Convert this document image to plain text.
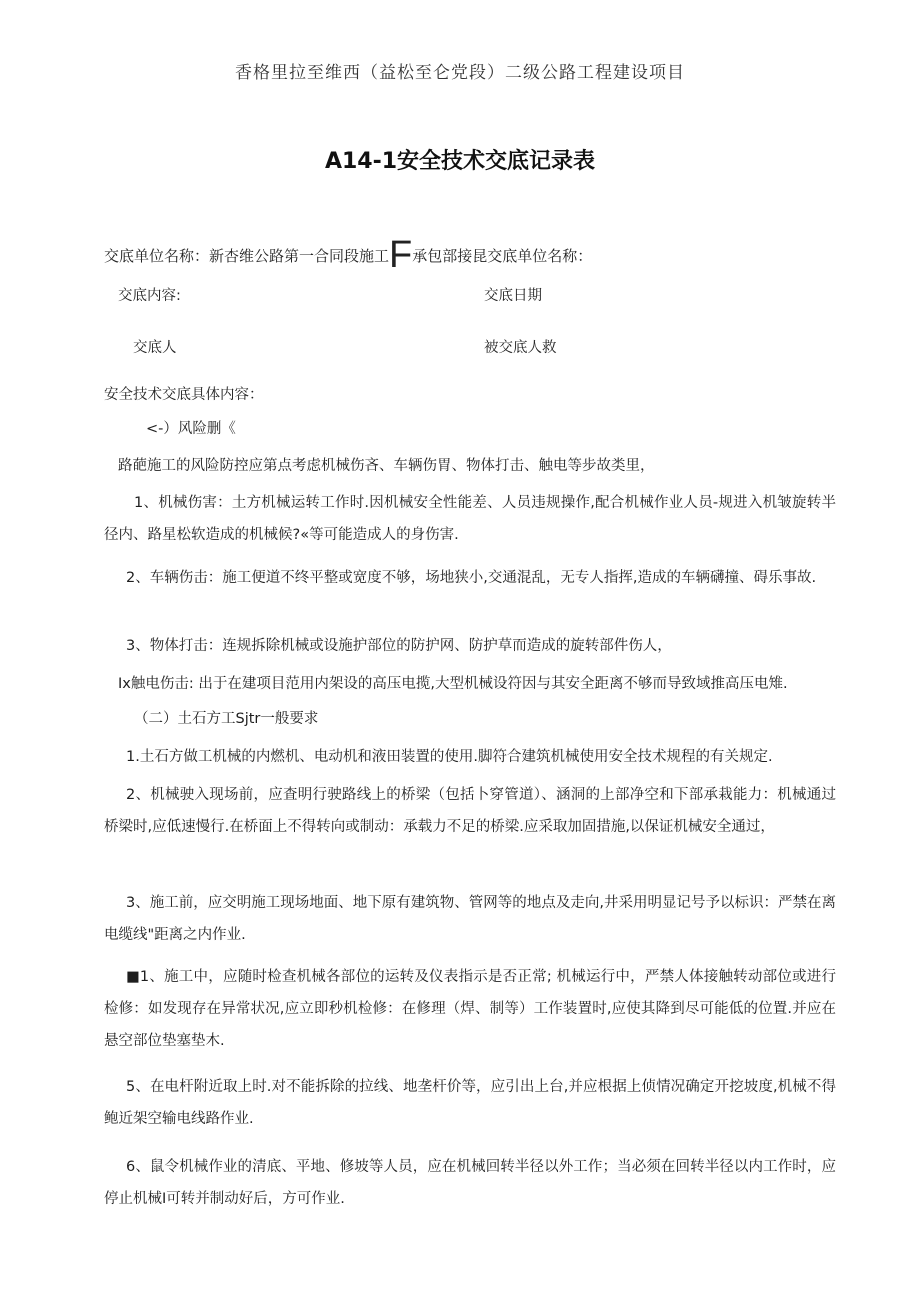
香格里拉至维西（益松至仑党段）二级公路工程建设项目
A14-1安全技术交底记录表
交底单位名称：新杏维公路第一合同段施工F承包部接昆交底单位名称：
交底内容:	交底日期
交底人	被交底人救
安全技术交底具体内容：

<-）风险删《

路葩施工的风险防控应第点考虑机械伤吝、车辆伤胃、物体打击、触电等步故类里，

1、机械伤害：土方机械运转工作时.因机械安全性能差、人员违规操作,配合机械作业人员-规进入机皱旋转半径内、路星松软造成的机械候?«等可能造成人的身伤害.

2、车辆伤击：施工便道不终平整或宽度不够，场地狭小,交通混乱，无专人指挥,造成的车辆礴撞、碍乐事故.

3、物体打击：连规拆除机械或设施护部位的防护网、防护草而造成的旋转部件伤人，

Ix触电伤击: 出于在建项目范用内架设的高压电揽,大型机械设符因与其安全距离不够而导致域推高压电雉.

（二）土石方工Sjtr一般要求

1.土石方做工机械的内燃机、电动机和液田装置的使用.脚符合建筑机械使用安全技术规程的有关规定.

2、机械驶入现场前，应査明行驶路线上的桥梁（包括卜穿管道）、涵洞的上部净空和下部承栽能力：机械通过桥梁时,应低速慢行.在桥面上不得转向或制动：承载力不足的桥梁.应采取加固措施,以保证机械安全通过，

3、施工前，应交明施工现场地面、地下原有建筑物、管网等的地点及走向,井采用明显记号予以标识：严禁在离电缆线"距离之内作业.

■1、施工中，应随时检查机械各部位的运转及仪表指示是否正常; 机械运行中，严禁人体接触转动部位或进行检修：如发现存在异常状况,应立即秒机检修：在修理（焊、制等）工作装置时,应使其降到尽可能低的位置.并应在悬空部位垫塞垫木.

5、在电杆附近取上时.对不能拆除的拉线、地垄杆价等，应引出上台,并应根据上侦情况确定开挖坡度,机械不得鲍近架空输电线路作业.

6、鼠令机械作业的清底、平地、修坡等人员，应在机械回转半径以外工作；当必须在回转半径以内工作时，应停止机械I可转并制动好后，方可作业.
